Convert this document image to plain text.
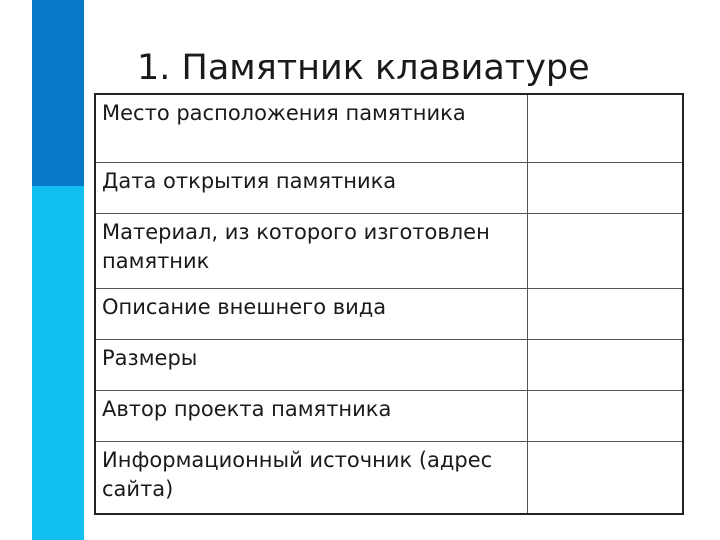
1. Памятник клавиатуре
Место расположения памятника
Дата открытия памятника
Материал, из которого изготовлен памятник
Описание внешнего вида
Размеры
Автор проекта памятника
Информационный источник (адрес сайта)
